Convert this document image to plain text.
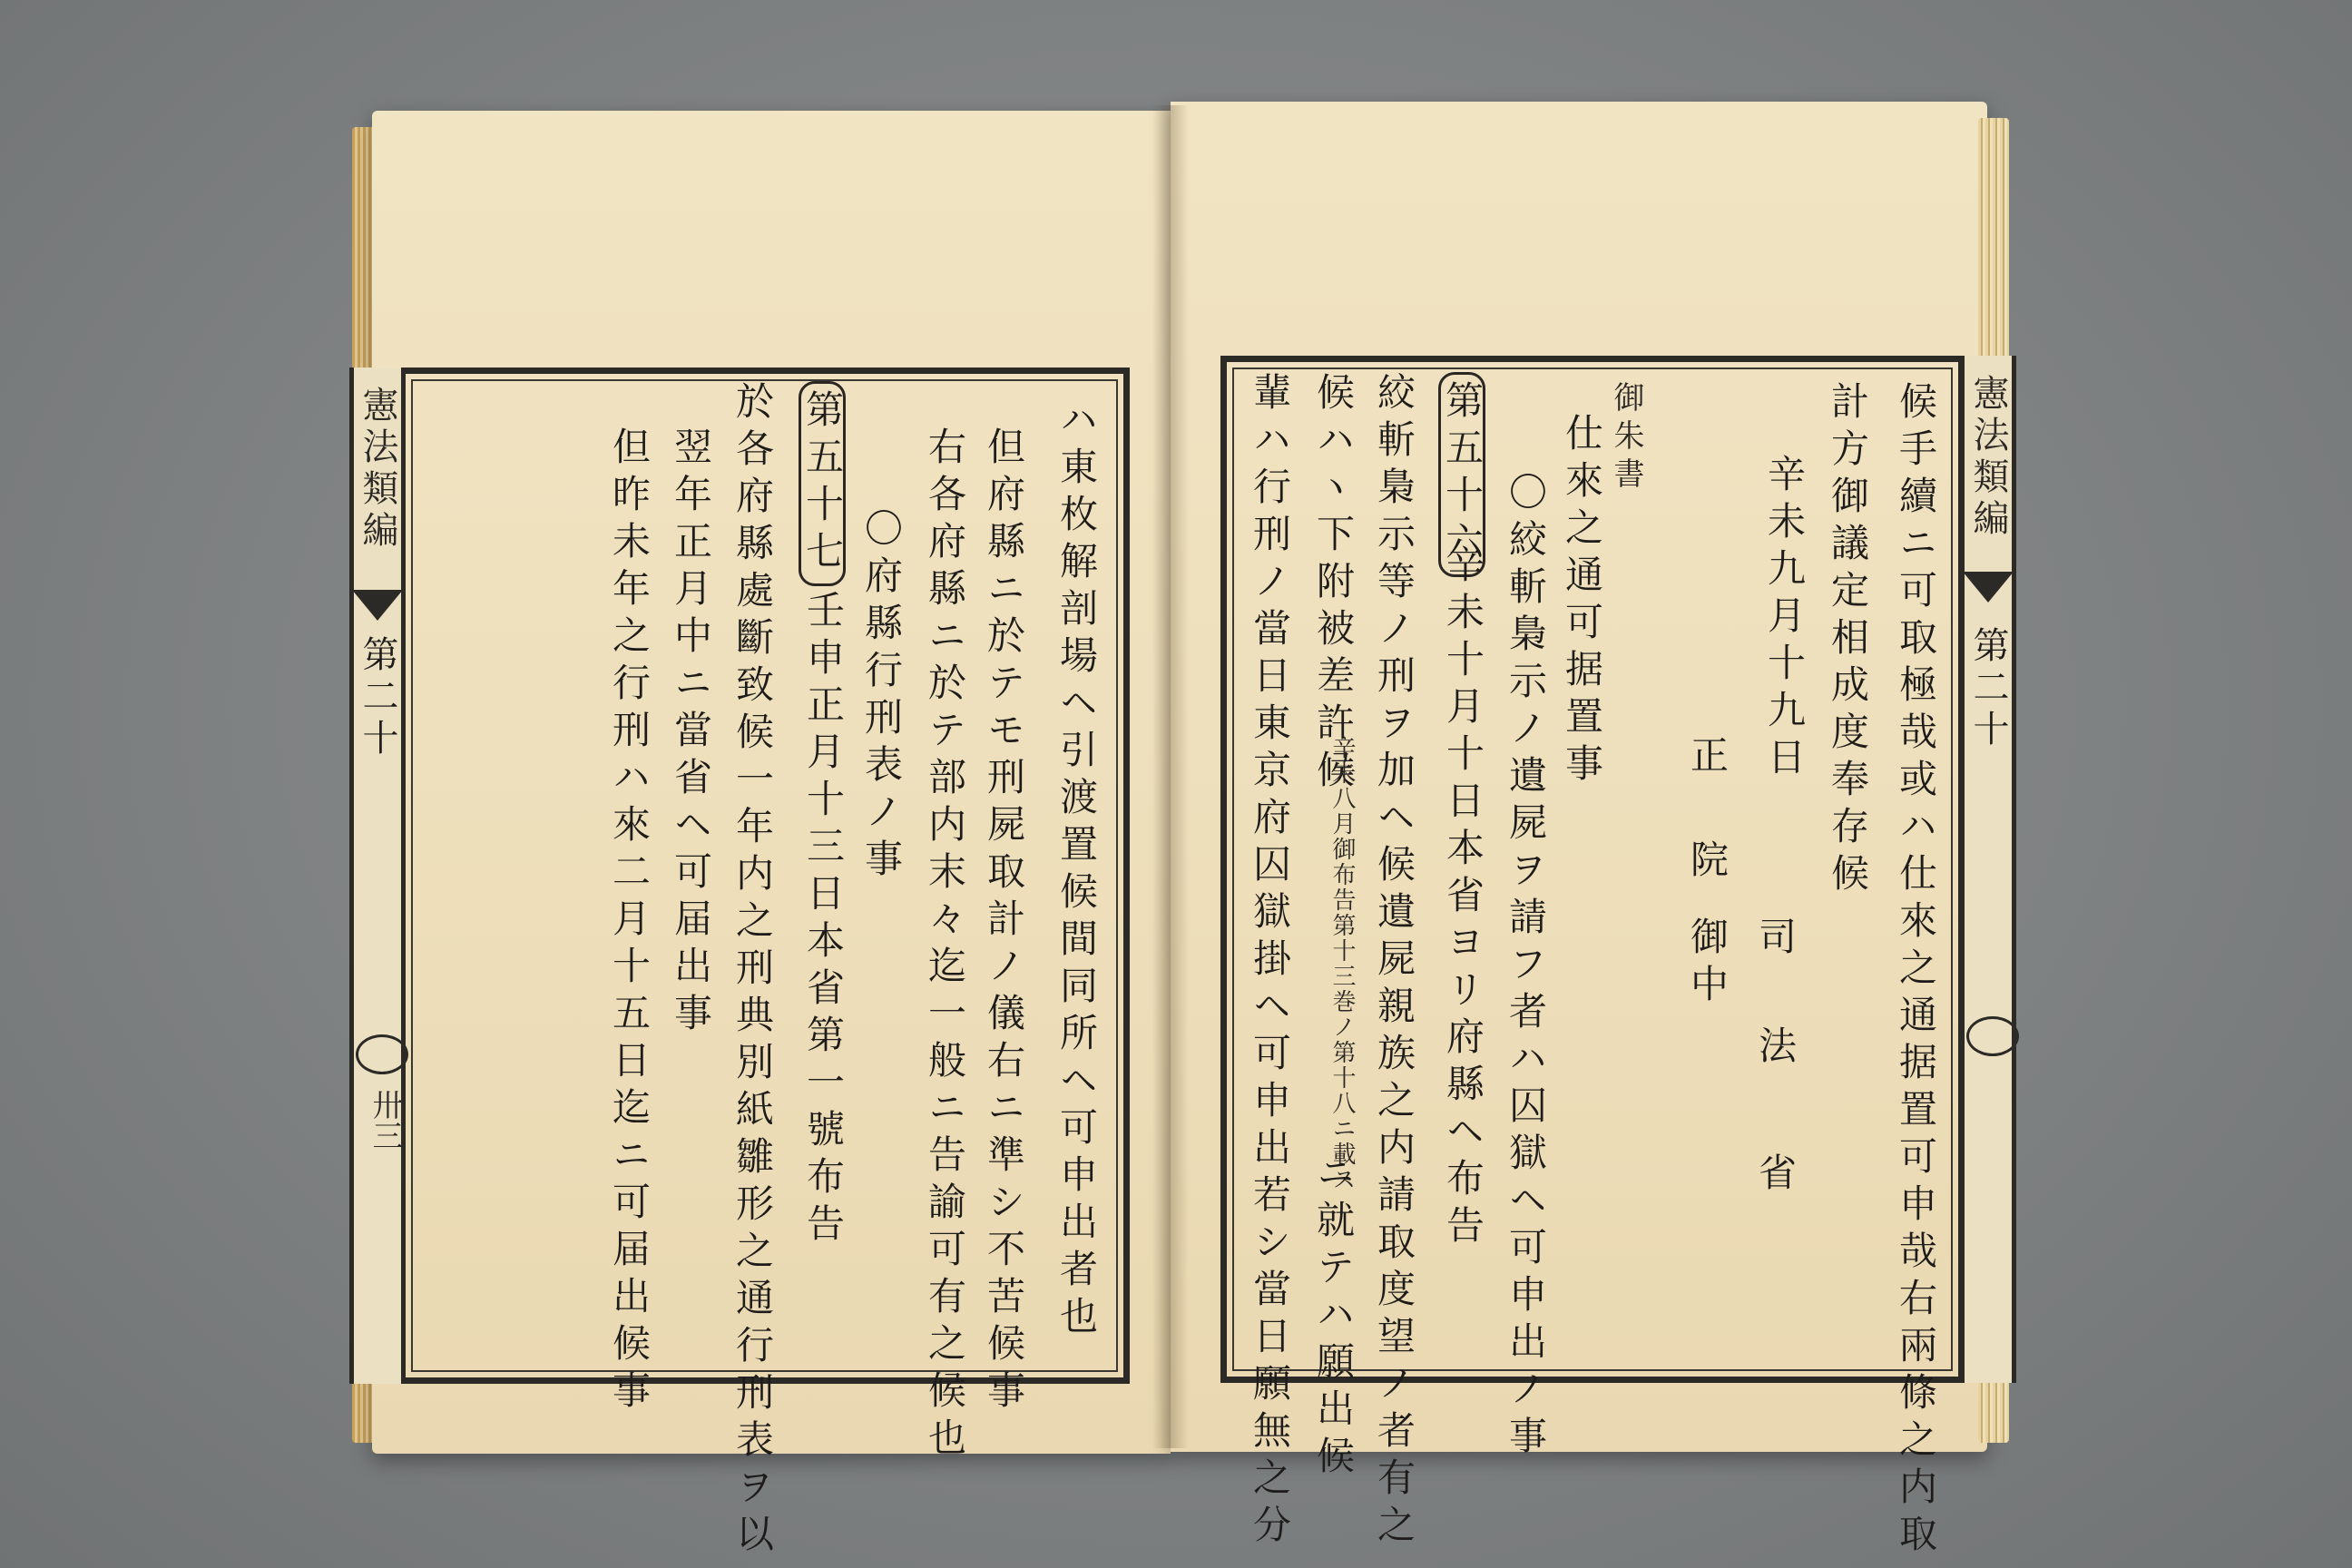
憲法類編
第二十
卅三	ハ東枚解剖場ヘ引渡置候間同所ヘ可申出者也
但府縣ニ於テモ刑屍取計ノ儀右ニ準シ不苦候事
右各府縣ニ於テ部内末々迄一般ニ告諭可有之候也
〇府縣行刑表ノ事
第五十七
壬申正月十三日本省第一號布告
於各府縣處斷致候一年内之刑典別紙雛形之通行刑表ヲ以
翌年正月中ニ當省ヘ可届出事
但昨未年之行刑ハ來二月十五日迄ニ可届出候事	憲法類編
第二十
候手續ニ可取極哉或ハ仕來之通据置可申哉右兩條之内取
計方御議定相成度奉存候
辛未九月十九日
正
院
御中 司
法
省
御朱書
仕來之通可据置事
〇絞斬梟示ノ遺屍ヲ請フ者ハ囚獄ヘ可申出ノ事
第五十六
辛未十月十日本省ヨリ府縣ヘ布告
絞斬梟示等ノ刑ヲ加ヘ候遺屍親族之内請取度望ノ者有之
候ハヽ下附被差許候
辛未八月御布告第十三巻ノ第十八ニ載ス
ニ就テハ願出候
輩ハ行刑ノ當日東京府囚獄掛ヘ可申出若シ當日願無之分
